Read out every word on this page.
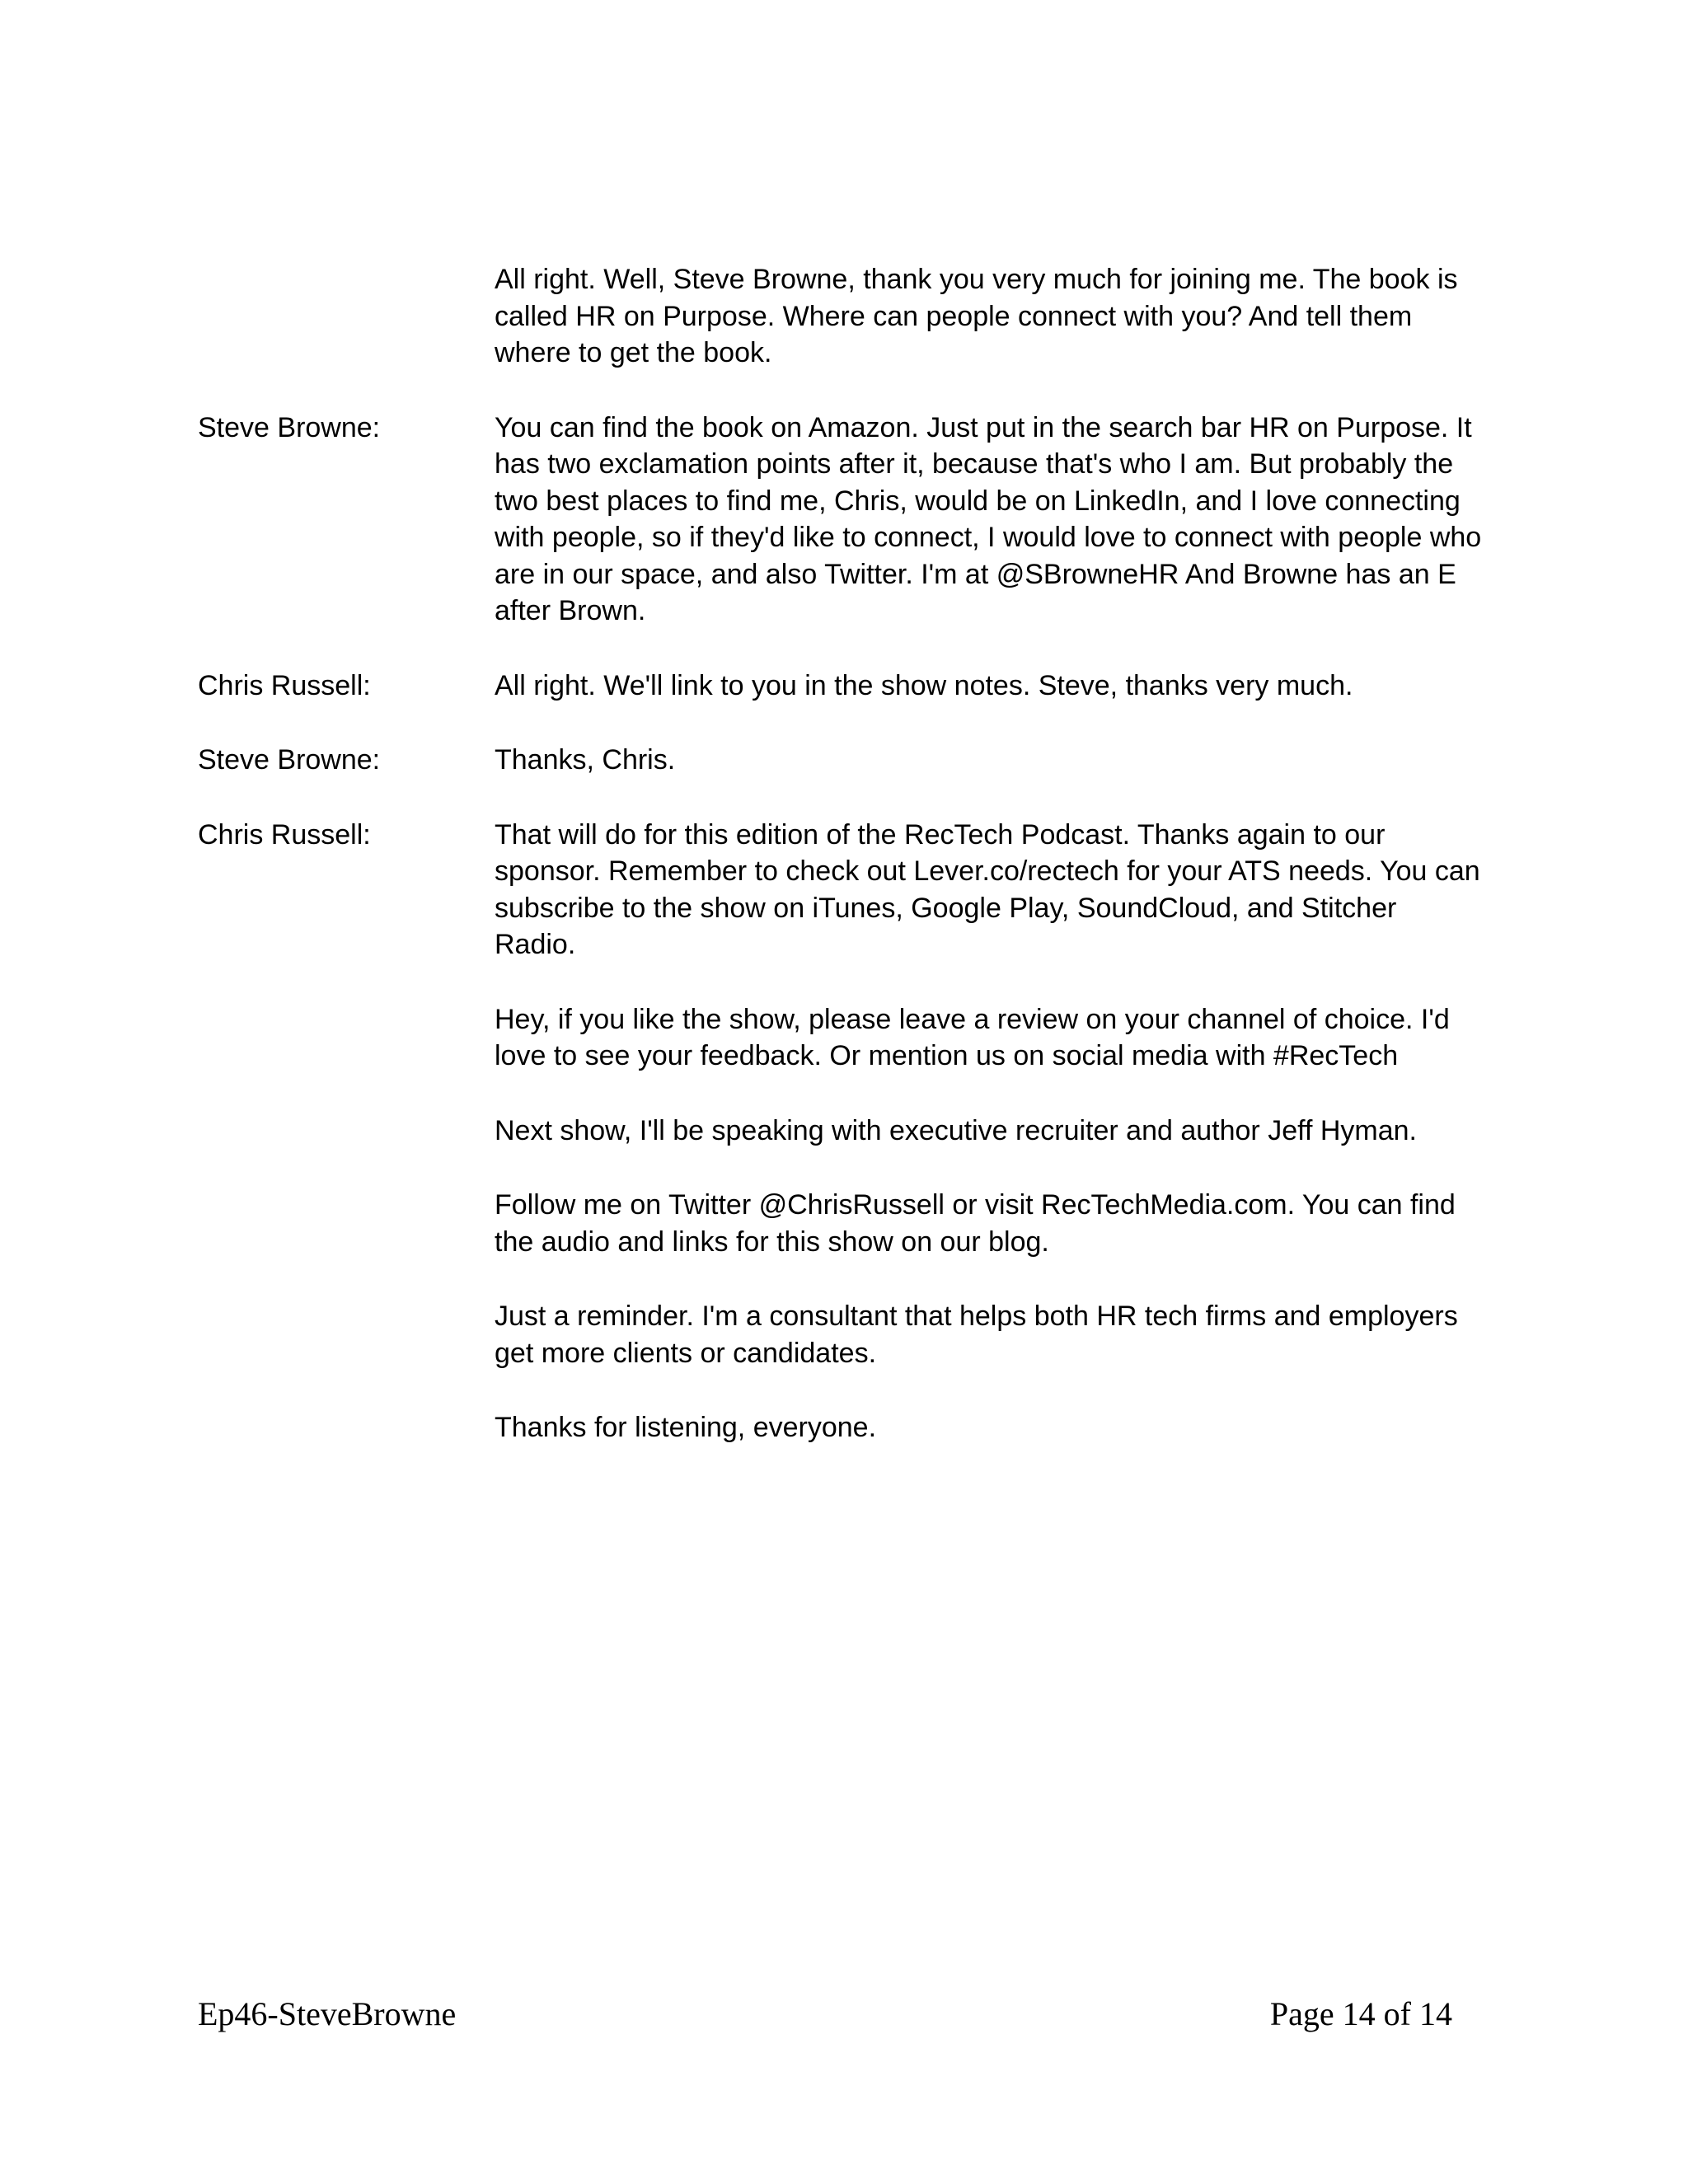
All right. Well, Steve Browne, thank you very much for joining me. The book is called HR on Purpose. Where can people connect with you? And tell them where to get the book.

Steve Browne:	You can find the book on Amazon. Just put in the search bar HR on Purpose. It has two exclamation points after it, because that's who I am. But probably the two best places to find me, Chris, would be on LinkedIn, and I love connecting with people, so if they'd like to connect, I would love to connect with people who are in our space, and also Twitter. I'm at @SBrowneHR And Browne has an E after Brown.

Chris Russell:	All right. We'll link to you in the show notes. Steve, thanks very much.

Steve Browne:	Thanks, Chris.

Chris Russell:	That will do for this edition of the RecTech Podcast. Thanks again to our sponsor. Remember to check out Lever.co/rectech for your ATS needs. You can subscribe to the show on iTunes, Google Play, SoundCloud, and Stitcher Radio.

Hey, if you like the show, please leave a review on your channel of choice. I'd love to see your feedback. Or mention us on social media with #RecTech

Next show, I'll be speaking with executive recruiter and author Jeff Hyman.

Follow me on Twitter @ChrisRussell or visit RecTechMedia.com. You can find the audio and links for this show on our blog.

Just a reminder. I'm a consultant that helps both HR tech firms and employers get more clients or candidates.

Thanks for listening, everyone.

Ep46-SteveBrowne	Page 14 of 14
